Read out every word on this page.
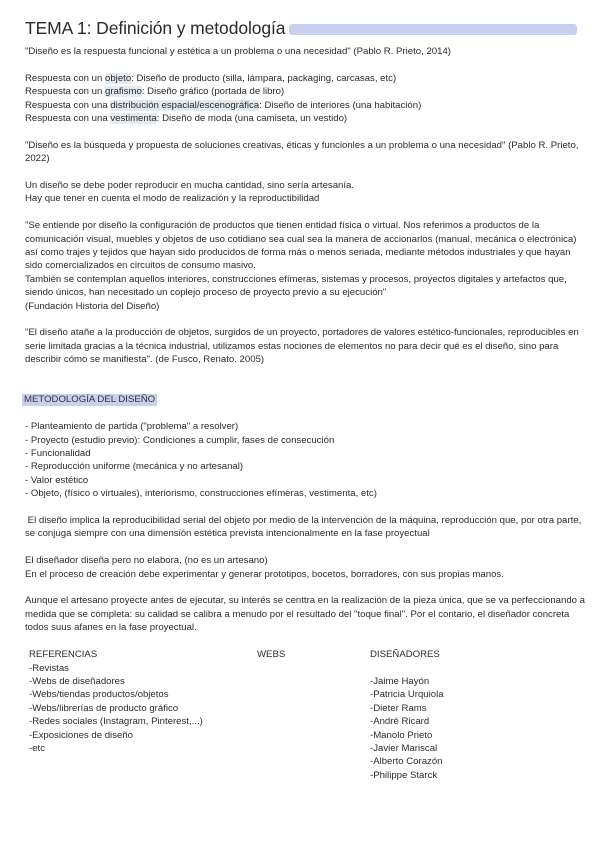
TEMA 1: Definición y metodología

"Diseño es la respuesta funcional y estética a un problema o una necesidad" (Pablo R. Prieto, 2014)

Respuesta con un objeto: Diseño de producto (silla, lámpara, packaging, carcasas, etc)
Respuesta con un grafismo: Diseño gráfico (portada de libro)
Respuesta con una distribución espacial/escenográfica: Diseño de interiores (una habitación)
Respuesta con una vestimenta: Diseño de moda (una camiseta, un vestido)

"Diseño es la búsqueda y propuesta de soluciones creativas, éticas y funcionles a un problema o una necesidad" (Pablo R. Prieto, 2022)

Un diseño se debe poder reproducir en mucha cantidad, sino sería artesanía.
Hay que tener en cuenta el modo de realización y la reproductibilidad

"Se entiende por diseño la configuración de productos que tienen entidad física o virtual. Nos referimos a productos de la comunicación visual, muebles y objetos de uso cotidiano sea cual sea la manera de accionarlos (manual, mecánica o electrónica) así como trajes y tejidos que hayan sido producidos de forma más o menos seriada, mediante métodos industriales y que hayan sido comercializados en circuitos de consumo masivo.
También se contemplan aquellos interiores, construcciones efímeras, sistemas y procesos, proyectos digitales y artefactos que, siendo únicos, han necesitado un coplejo proceso de proyecto previo a su ejecución"
(Fundación Historia del Diseño)

"El diseño atañe a la producción de objetos, surgidos de un proyecto, portadores de valores estético-funcionales, reproducibles en serie limitada gracias a la técnica industrial, utilizamos estas nociones de elementos no para decir qué es el diseño, sino para describir cómo se manifiesta". (de Fusco, Renato. 2005)

METODOLOGÍA DEL DISEÑO

- Planteamiento de partida ("problema" a resolver)
- Proyecto (estudio previo): Condiciones a cumplir, fases de consecución
- Funcionalidad
- Reproducción uniforme (mecánica y no artesanal)
- Valor estético
- Objeto, (físico o virtuales), interiorismo, construcciones efímeras, vestimenta, etc)

El diseño implica la reproducibilidad serial del objeto por medio de la intervención de la máquina, reproducción que, por otra parte, se conjuga siempre con una dimensión estética prevista intencionalmente en la fase proyectual

El diseñador diseña pero no elabora, (no es un artesano)
En el proceso de creación debe experimentar y generar prototipos, bocetos, borradores, con sus propias manos.

Aunque el artesano proyecte antes de ejecutar, su interés se centtra en la realización de la pieza única, que se va perfeccionando a medida que se completa: su calidad se calibra a menudo por el resultado del "toque final". Por el contario, el diseñador concreta todos suus afanes en la fase proyectual.

REFERENCIAS
-Revistas
-Webs de diseñadores
-Webs/tiendas productos/objetos
-Webs/librerías de producto gráfico
-Redes sociales (Instagram, Pinterest,...)
-Exposiciones de diseño
-etc
WEBS	DISEÑADORES
-Jaime Hayón
-Patricia Urquiola
-Dieter Rams
-André Ricard
-Manolo Prieto
-Javier Mariscal
-Alberto Corazón
-Philippe Starck
